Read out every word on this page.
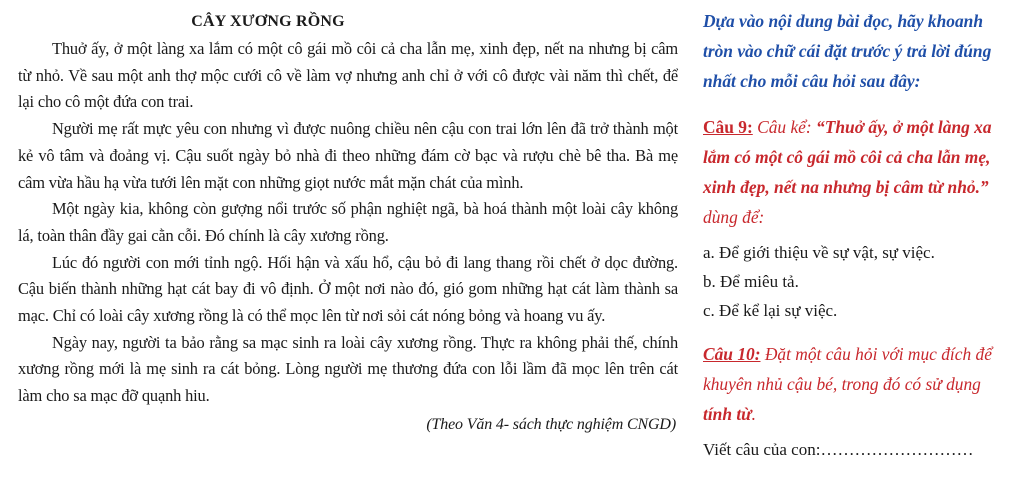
CÂY XƯƠNG RỒNG

Thuở ấy, ở một làng xa lắm có một cô gái mồ côi cả cha lẫn mẹ, xinh đẹp, nết na nhưng bị câm từ nhỏ. Về sau một anh thợ mộc cưới cô về làm vợ nhưng anh chỉ ở với cô được vài năm thì chết, để lại cho cô một đứa con trai.

Người mẹ rất mực yêu con nhưng vì được nuông chiều nên cậu con trai lớn lên đã trở thành một kẻ vô tâm và đoảng vị. Cậu suốt ngày bỏ nhà đi theo những đám cờ bạc và rượu chè bê tha. Bà mẹ câm vừa hầu hạ vừa tưới lên mặt con những giọt nước mắt mặn chát của mình.

Một ngày kia, không còn gượng nổi trước số phận nghiệt ngã, bà hoá thành một loài cây không lá, toàn thân đầy gai cằn cỗi. Đó chính là cây xương rồng.

Lúc đó người con mới tỉnh ngộ. Hối hận và xấu hổ, cậu bỏ đi lang thang rồi chết ở dọc đường. Cậu biến thành những hạt cát bay đi vô định. Ở một nơi nào đó, gió gom những hạt cát làm thành sa mạc. Chỉ có loài cây xương rồng là có thể mọc lên từ nơi sỏi cát nóng bỏng và hoang vu ấy.

Ngày nay, người ta bảo rằng sa mạc sinh ra loài cây xương rồng. Thực ra không phải thế, chính xương rồng mới là mẹ sinh ra cát bỏng. Lòng người mẹ thương đứa con lỗi lầm đã mọc lên trên cát làm cho sa mạc đỡ quạnh hiu.

(Theo Văn 4- sách thực nghiệm CNGD)

Dựa vào nội dung bài đọc, hãy khoanh tròn vào chữ cái đặt trước ý trả lời đúng nhất cho mỗi câu hỏi sau đây:

Câu 9: Câu kể: “Thuở ấy, ở một làng xa lắm có một cô gái mồ côi cả cha lẫn mẹ, xinh đẹp, nết na nhưng bị câm từ nhỏ.” dùng để:

a. Để giới thiệu về sự vật, sự việc.

b. Để miêu tả.

c. Để kể lại sự việc.

Câu 10: Đặt một câu hỏi với mục đích để khuyên nhủ cậu bé, trong đó có sử dụng tính từ.
Viết câu của con:………………………
